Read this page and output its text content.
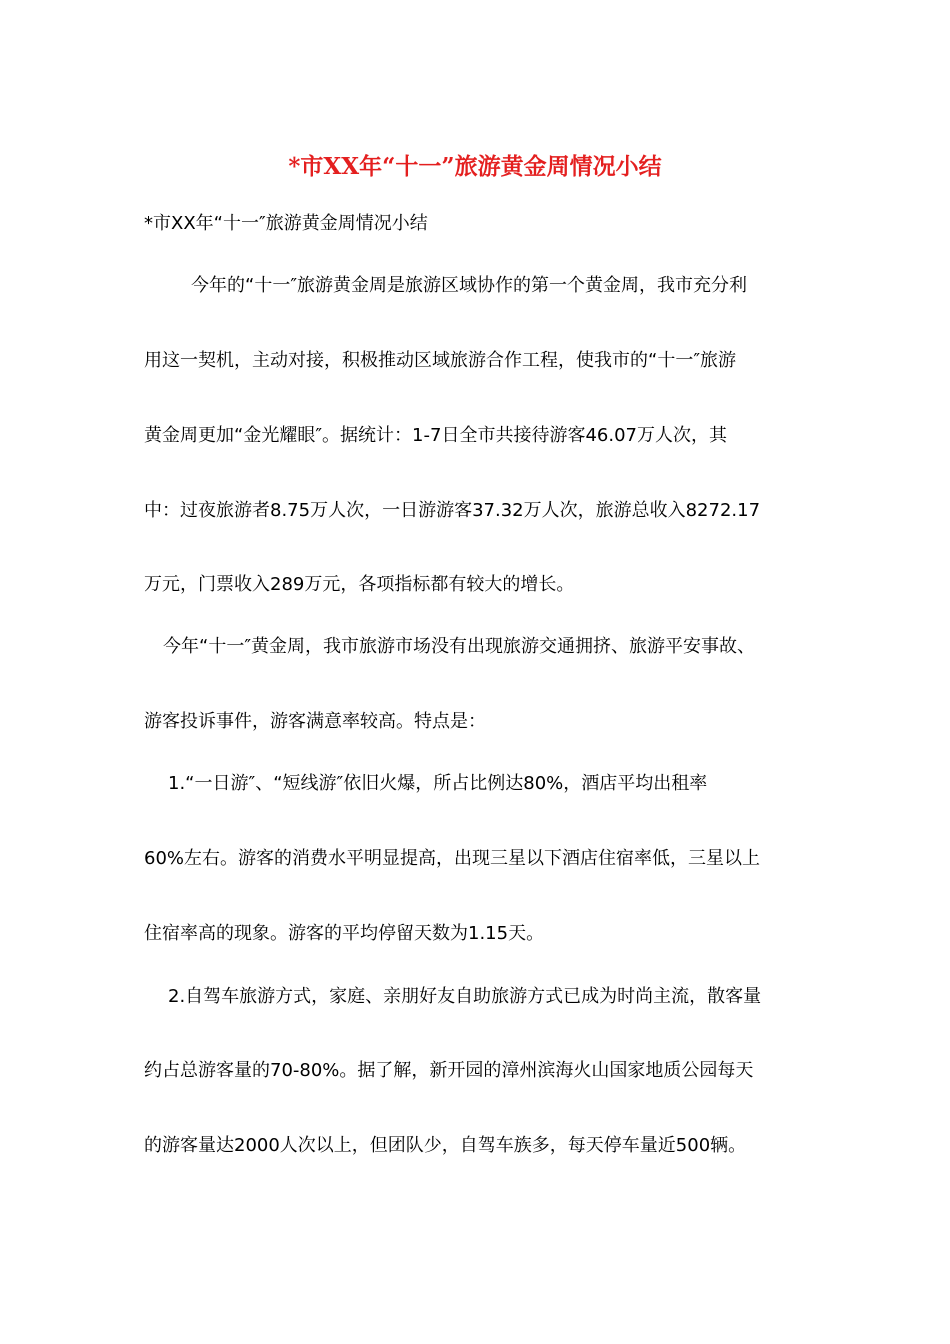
*市XX年“十一”旅游黄金周情况小结
*市XX年“十一″旅游黄金周情况小结
今年的“十一″旅游黄金周是旅游区域协作的第一个黄金周，我市充分利
用这一契机，主动对接，积极推动区域旅游合作工程，使我市的“十一″旅游
黄金周更加“金光耀眼″。据统计：1-7日全市共接待游客46.07万人次，其
中：过夜旅游者8.75万人次，一日游游客37.32万人次，旅游总收入8272.17
万元，门票收入289万元，各项指标都有较大的增长。
今年“十一″黄金周，我市旅游市场没有出现旅游交通拥挤、旅游平安事故、
游客投诉事件，游客满意率较高。特点是：
1.“一日游″、“短线游″依旧火爆，所占比例达80%，酒店平均出租率
60%左右。游客的消费水平明显提高，出现三星以下酒店住宿率低，三星以上
住宿率高的现象。游客的平均停留天数为1.15天。
2.自驾车旅游方式，家庭、亲朋好友自助旅游方式已成为时尚主流，散客量
约占总游客量的70-80%。据了解，新开园的漳州滨海火山国家地质公园每天
的游客量达2000人次以上，但团队少，自驾车族多，每天停车量近500辆。
